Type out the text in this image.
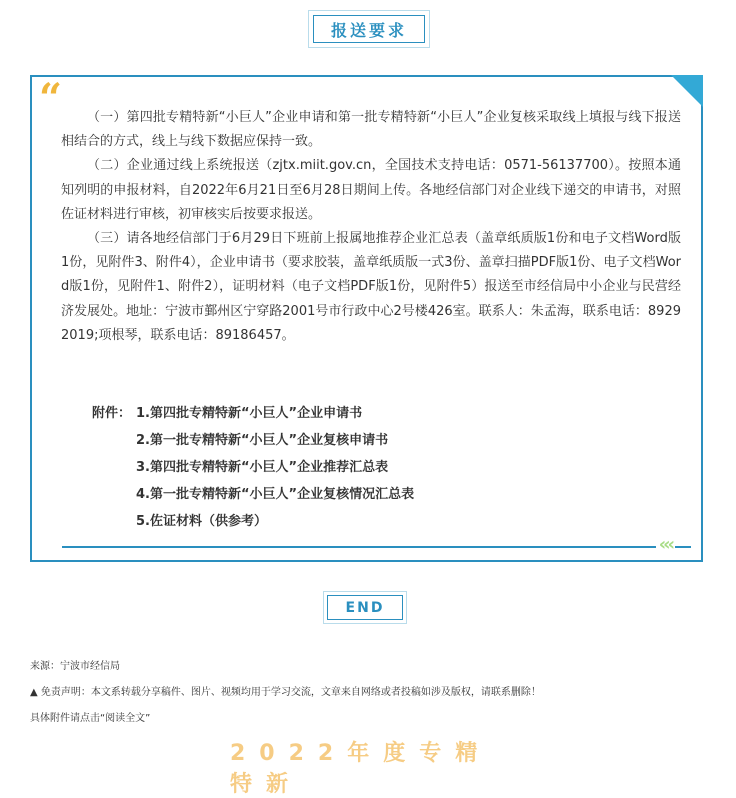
报送要求
“	（一）第四批专精特新“小巨人”企业申请和第一批专精特新“小巨人”企业复核采取线上填报与线下报送相结合的方式，线上与线下数据应保持一致。

（二）企业通过线上系统报送（zjtx.miit.gov.cn，全国技术支持电话：0571-56137700）。按照本通知列明的申报材料，自2022年6月21日至6月28日期间上传。各地经信部门对企业线下递交的申请书，对照佐证材料进行审核，初审核实后按要求报送。

（三）请各地经信部门于6月29日下班前上报属地推荐企业汇总表（盖章纸质版1份和电子文档Word版1份，见附件3、附件4），企业申请书（要求胶装，盖章纸质版一式3份、盖章扫描PDF版1份、电子文档Word版1份，见附件1、附件2），证明材料（电子文档PDF版1份，见附件5）报送至市经信局中小企业与民营经济发展处。地址：宁波市鄞州区宁穿路2001号市行政中心2号楼426室。联系人：朱孟海，联系电话：89292019;项根琴，联系电话：89186457。

附件： 1.第四批专精特新“小巨人”企业申请书
2.第一批专精特新“小巨人”企业复核申请书
3.第四批专精特新“小巨人”企业推荐汇总表
4.第一批专精特新“小巨人”企业复核情况汇总表
5.佐证材料（供参考）
‹‹‹
END
来源：宁波市经信局
▲ 免责声明：本文系转载分享稿件、图片、视频均用于学习交流，文章来自网络或者投稿如涉及版权，请联系删除！
具体附件请点击“阅读全文”
2022年度专精特新
